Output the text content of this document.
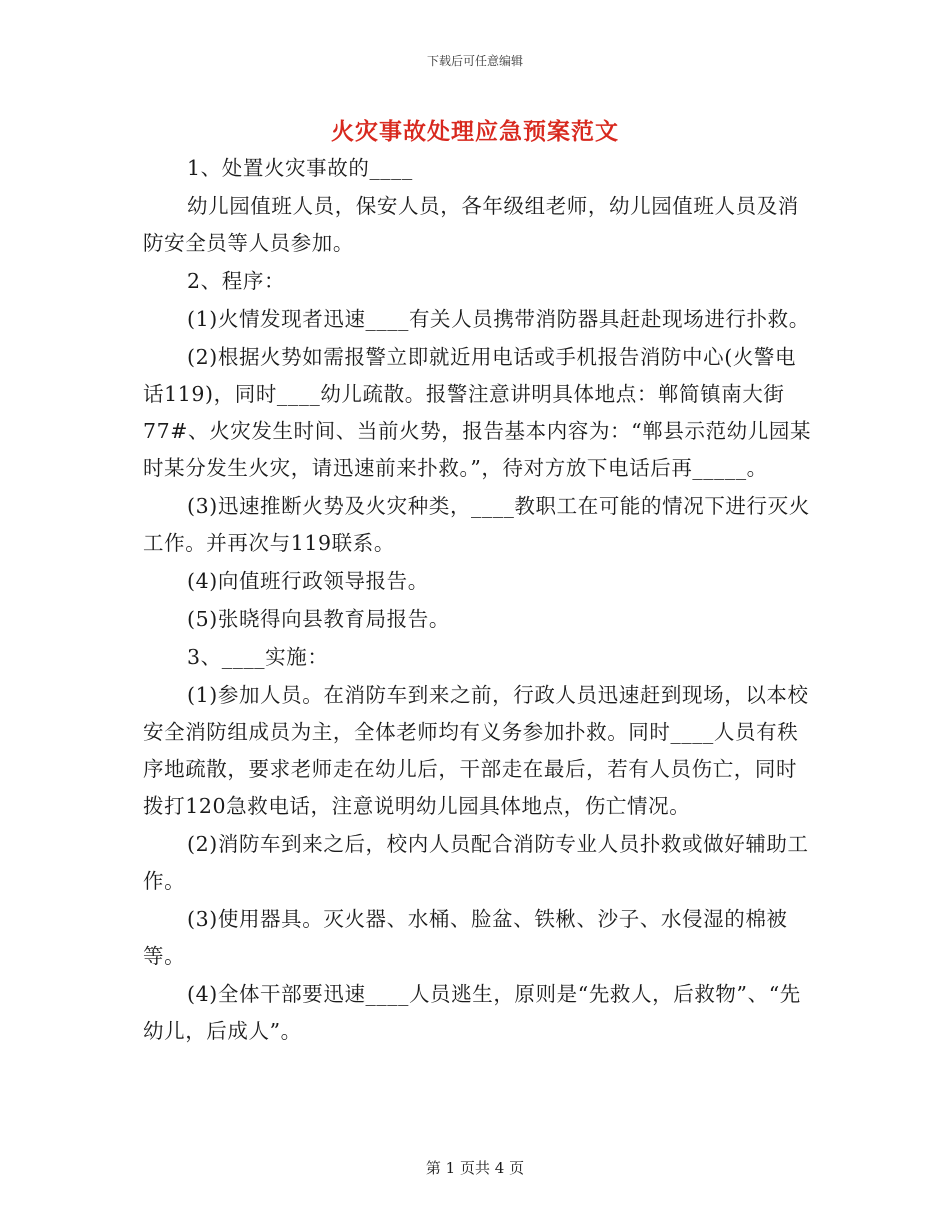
下载后可任意编辑
火灾事故处理应急预案范文

1、处置火灾事故的____

幼儿园值班人员，保安人员，各年级组老师，幼儿园值班人员及消防安全员等人员参加。

2、程序：

(1)火情发现者迅速____有关人员携带消防器具赶赴现场进行扑救。

(2)根据火势如需报警立即就近用电话或手机报告消防中心(火警电话119)，同时____幼儿疏散。报警注意讲明具体地点：郸简镇南大街77#、火灾发生时间、当前火势，报告基本内容为：“郸县示范幼儿园某时某分发生火灾，请迅速前来扑救。”，待对方放下电话后再_____。

(3)迅速推断火势及火灾种类，____教职工在可能的情况下进行灭火工作。并再次与119联系。

(4)向值班行政领导报告。

(5)张晓得向县教育局报告。

3、____实施：

(1)参加人员。在消防车到来之前，行政人员迅速赶到现场，以本校安全消防组成员为主，全体老师均有义务参加扑救。同时____人员有秩序地疏散，要求老师走在幼儿后，干部走在最后，若有人员伤亡，同时拨打120急救电话，注意说明幼儿园具体地点，伤亡情况。

(2)消防车到来之后，校内人员配合消防专业人员扑救或做好辅助工作。

(3)使用器具。灭火器、水桶、脸盆、铁楸、沙子、水侵湿的棉被等。

(4)全体干部要迅速____人员逃生，原则是“先救人，后救物”、“先幼儿，后成人”。

第 1 页共 4 页
